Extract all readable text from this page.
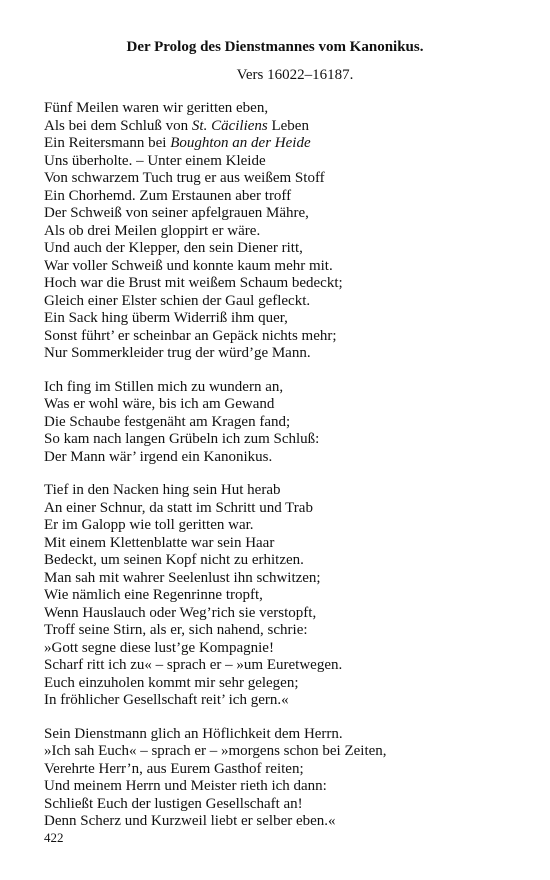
Der Prolog des Dienstmannes vom Kanonikus.
Vers 16022–16187.
Fünf Meilen waren wir geritten eben,
Als bei dem Schluß von St. Cäciliens Leben
Ein Reitersmann bei Boughton an der Heide
Uns überholte. – Unter einem Kleide
Von schwarzem Tuch trug er aus weißem Stoff
Ein Chorhemd. Zum Erstaunen aber troff
Der Schweiß von seiner apfelgrauen Mähre,
Als ob drei Meilen gloppirt er wäre.
Und auch der Klepper, den sein Diener ritt,
War voller Schweiß und konnte kaum mehr mit.
Hoch war die Brust mit weißem Schaum bedeckt;
Gleich einer Elster schien der Gaul gefleckt.
Ein Sack hing überm Widerriß ihm quer,
Sonst führt’ er scheinbar an Gepäck nichts mehr;
Nur Sommerkleider trug der würd’ge Mann.
Ich fing im Stillen mich zu wundern an,
Was er wohl wäre, bis ich am Gewand
Die Schaube festgenäht am Kragen fand;
So kam nach langen Grübeln ich zum Schluß:
Der Mann wär’ irgend ein Kanonikus.
Tief in den Nacken hing sein Hut herab
An einer Schnur, da statt im Schritt und Trab
Er im Galopp wie toll geritten war.
Mit einem Klettenblatte war sein Haar
Bedeckt, um seinen Kopf nicht zu erhitzen.
Man sah mit wahrer Seelenlust ihn schwitzen;
Wie nämlich eine Regenrinne tropft,
Wenn Hauslauch oder Weg’rich sie verstopft,
Troff seine Stirn, als er, sich nahend, schrie:
»Gott segne diese lust’ge Kompagnie!
Scharf ritt ich zu« – sprach er – »um Euretwegen.
Euch einzuholen kommt mir sehr gelegen;
In fröhlicher Gesellschaft reit’ ich gern.«
Sein Dienstmann glich an Höflichkeit dem Herrn.
»Ich sah Euch« – sprach er – »morgens schon bei Zeiten,
Verehrte Herr’n, aus Eurem Gasthof reiten;
Und meinem Herrn und Meister rieth ich dann:
Schließt Euch der lustigen Gesellschaft an!
Denn Scherz und Kurzweil liebt er selber eben.«
422
